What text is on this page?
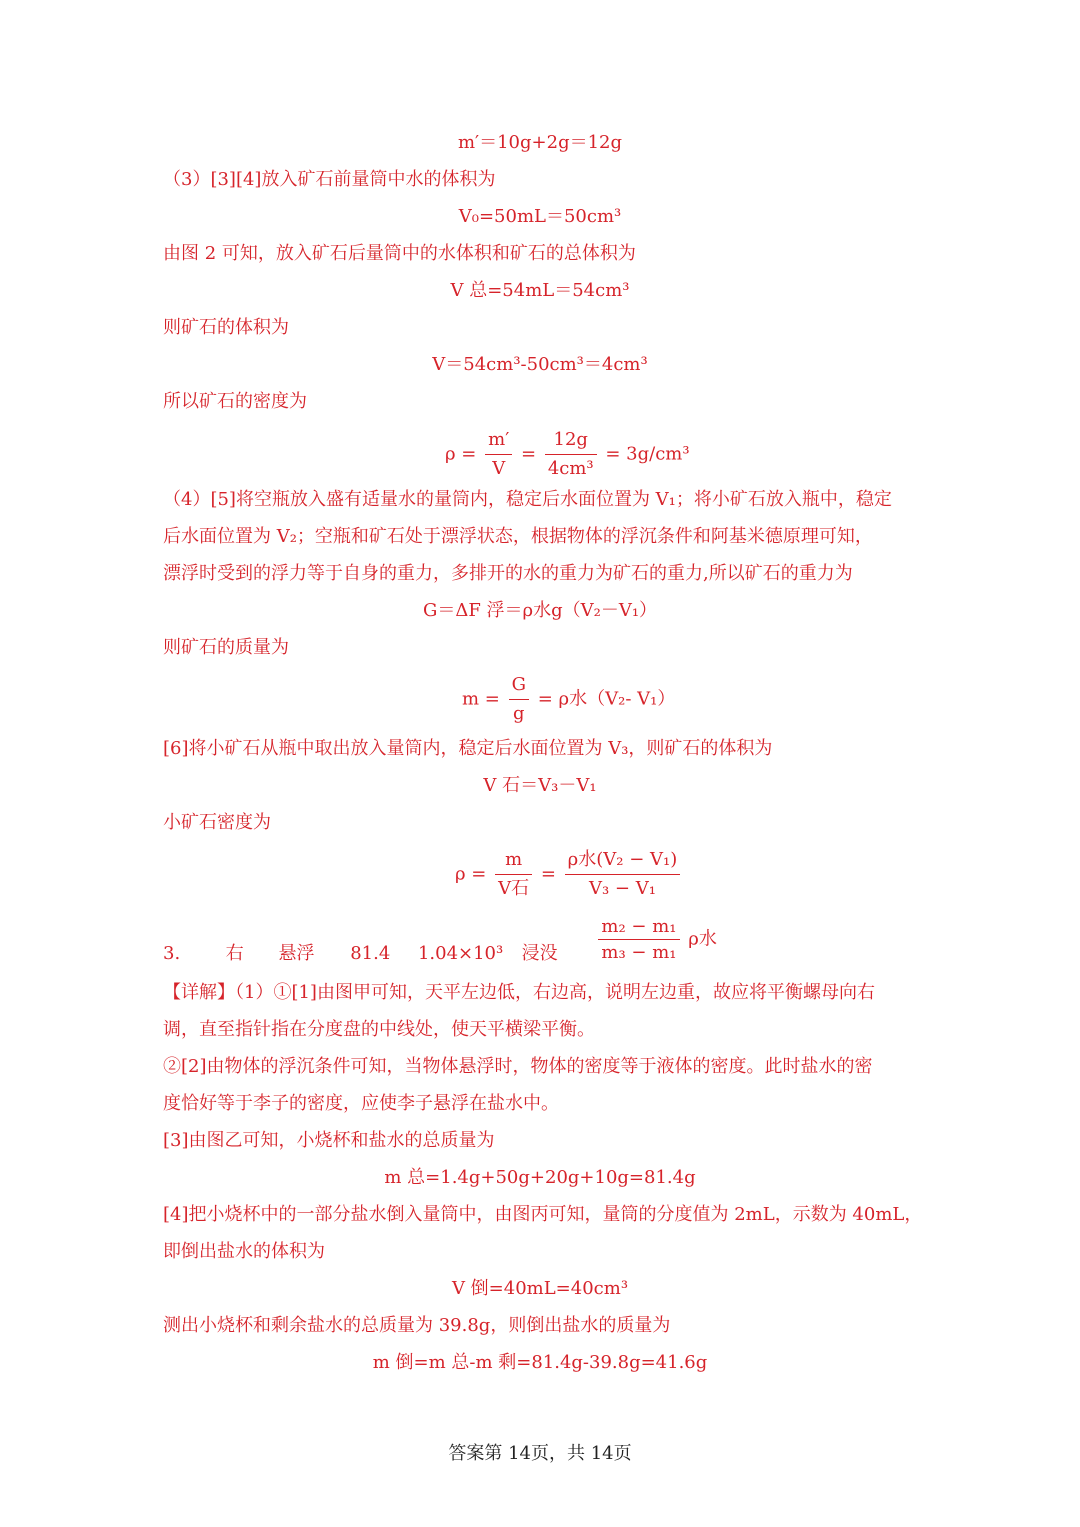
m′＝10g+2g＝12g
（3）[3][4]放入矿石前量筒中水的体积为
V₀=50mL＝50cm³
由图 2 可知，放入矿石后量筒中的水体积和矿石的总体积为
V 总=54mL＝54cm³
则矿石的体积为
V＝54cm³-50cm³＝4cm³
所以矿石的密度为
$\rho = \frac{m'}{V} = \frac{12g}{\text{4cm³}} = 3g/cm^3$
（4）[5]将空瓶放入盛有适量水的量筒内，稳定后水面位置为 V₁；将小矿石放入瓶中，稳定
后水面位置为 V₂；空瓶和矿石处于漂浮状态，根据物体的浮沉条件和阿基米德原理可知，
漂浮时受到的浮力等于自身的重力，多排开的水的重力为矿石的重力,所以矿石的重力为
G＝ΔF 浮＝ρ水g（V₂－V₁）
则矿石的质量为
$m = \frac{G}{g} = \rho$水（V₂- V₁）
[6]将小矿石从瓶中取出放入量筒内，稳定后水面位置为 V₃，则矿石的体积为
V 石＝V₃－V₁
小矿石密度为
$\rho = \frac{m}{\text{V石}} = \frac{\text{ρ水(V₂ − V₁)}}{\text{V₃ − V₁}}$
3.	右 悬浮 81.4 1.04×10³ 浸没 $\frac{\text{m₂ − m₁}}{\text{m₃ − m₁}}$ ρ水
【详解】（1）①[1]由图甲可知，天平左边低，右边高，说明左边重，故应将平衡螺母向右
调，直至指针指在分度盘的中线处，使天平横梁平衡。
②[2]由物体的浮沉条件可知，当物体悬浮时，物体的密度等于液体的密度。此时盐水的密
度恰好等于李子的密度，应使李子悬浮在盐水中。
[3]由图乙可知，小烧杯和盐水的总质量为
m 总=1.4g+50g+20g+10g=81.4g
[4]把小烧杯中的一部分盐水倒入量筒中，由图丙可知，量筒的分度值为 2mL，示数为 40mL，
即倒出盐水的体积为
V 倒=40mL=40cm³
测出小烧杯和剩余盐水的总质量为 39.8g，则倒出盐水的质量为
m 倒=m 总-m 剩=81.4g-39.8g=41.6g
答案第 14页，共 14页
